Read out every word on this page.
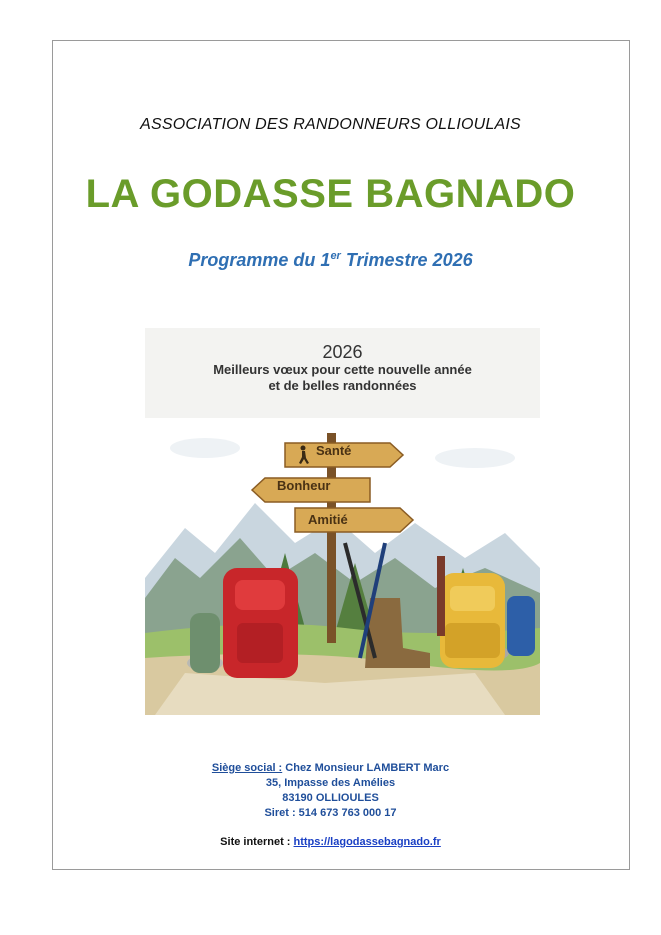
ASSOCIATION DES RANDONNEURS OLLIOULAIS
LA GODASSE BAGNADO
Programme du 1er Trimestre 2026
2026
Meilleurs vœux pour cette nouvelle année
et de belles randonnées
Santé
Bonheur
Amitié
Siège social : Chez Monsieur LAMBERT Marc
35, Impasse des Amélies
83190 OLLIOULES
Siret : 514 673 763 000 17
Site internet : https://lagodassebagnado.fr
